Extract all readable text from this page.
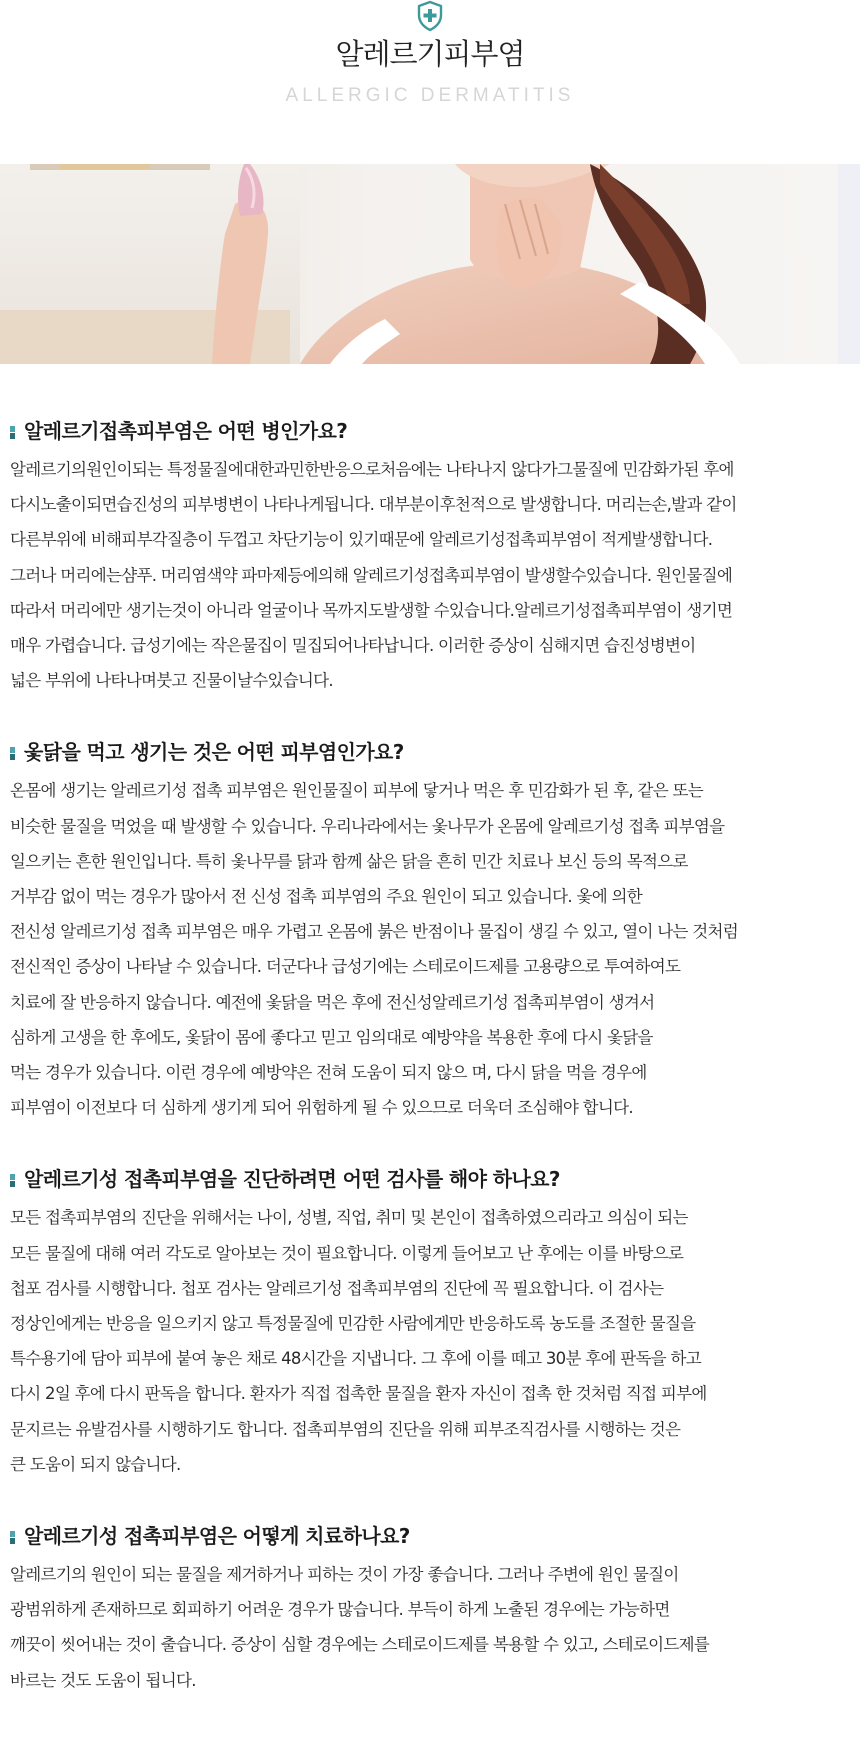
알레르기피부염
ALLERGIC DERMATITIS
알레르기접촉피부염은 어떤 병인가요?

알레르기의원인이되는 특정물질에대한과민한반응으로처음에는 나타나지 않다가그물질에 민감화가된 후에
다시노출이되면습진성의 피부병변이 나타나게됩니다. 대부분이후천적으로 발생합니다. 머리는손,발과 같이
다른부위에 비해피부각질층이 두껍고 차단기능이 있기때문에 알레르기성접촉피부염이 적게발생합니다.
그러나 머리에는샴푸. 머리염색약 파마제등에의해 알레르기성접촉피부염이 발생할수있습니다. 원인물질에
따라서 머리에만 생기는것이 아니라 얼굴이나 목까지도발생할 수있습니다.알레르기성접촉피부염이 생기면
매우 가렵습니다. 급성기에는 작은물집이 밀집되어나타납니다. 이러한 증상이 심해지면 습진성병변이
넓은 부위에 나타나며붓고 진물이날수있습니다.

옻닭을 먹고 생기는 것은 어떤 피부염인가요?

온몸에 생기는 알레르기성 접촉 피부염은 원인물질이 피부에 닿거나 먹은 후 민감화가 된 후, 같은 또는
비슷한 물질을 먹었을 때 발생할 수 있습니다. 우리나라에서는 옻나무가 온몸에 알레르기성 접촉 피부염을
일으키는 흔한 원인입니다. 특히 옻나무를 닭과 함께 삶은 닭을 흔히 민간 치료나 보신 등의 목적으로
거부감 없이 먹는 경우가 많아서 전 신성 접촉 피부염의 주요 원인이 되고 있습니다. 옻에 의한
전신성 알레르기성 접촉 피부염은 매우 가렵고 온몸에 붉은 반점이나 물집이 생길 수 있고, 열이 나는 것처럼
전신적인 증상이 나타날 수 있습니다. 더군다나 급성기에는 스테로이드제를 고용량으로 투여하여도
치료에 잘 반응하지 않습니다. 예전에 옻닭을 먹은 후에 전신성알레르기성 접촉피부염이 생겨서
심하게 고생을 한 후에도, 옻닭이 몸에 좋다고 믿고 임의대로 예방약을 복용한 후에 다시 옻닭을
먹는 경우가 있습니다. 이런 경우에 예방약은 전혀 도움이 되지 않으 며, 다시 닭을 먹을 경우에
피부염이 이전보다 더 심하게 생기게 되어 위험하게 될 수 있으므로 더욱더 조심해야 합니다.

알레르기성 접촉피부염을 진단하려면 어떤 검사를 해야 하나요?

모든 접촉피부염의 진단을 위해서는 나이, 성별, 직업, 취미 및 본인이 접촉하였으리라고 의심이 되는
모든 물질에 대해 여러 각도로 알아보는 것이 필요합니다. 이렇게 들어보고 난 후에는 이를 바탕으로
첩포 검사를 시행합니다. 첩포 검사는 알레르기성 접촉피부염의 진단에 꼭 필요합니다. 이 검사는
정상인에게는 반응을 일으키지 않고 특정물질에 민감한 사람에게만 반응하도록 농도를 조절한 물질을
특수용기에 담아 피부에 붙여 놓은 채로 48시간을 지냅니다. 그 후에 이를 떼고 30분 후에 판독을 하고
다시 2일 후에 다시 판독을 합니다. 환자가 직접 접촉한 물질을 환자 자신이 접촉 한 것처럼 직접 피부에
문지르는 유발검사를 시행하기도 합니다. 접촉피부염의 진단을 위해 피부조직검사를 시행하는 것은
큰 도움이 되지 않습니다.

알레르기성 접촉피부염은 어떻게 치료하나요?

알레르기의 원인이 되는 물질을 제거하거나 피하는 것이 가장 좋습니다. 그러나 주변에 원인 물질이
광범위하게 존재하므로 회피하기 어려운 경우가 많습니다. 부득이 하게 노출된 경우에는 가능하면
깨끗이 씻어내는 것이 출습니다. 증상이 심할 경우에는 스테로이드제를 복용할 수 있고, 스테로이드제를
바르는 것도 도움이 됩니다.
